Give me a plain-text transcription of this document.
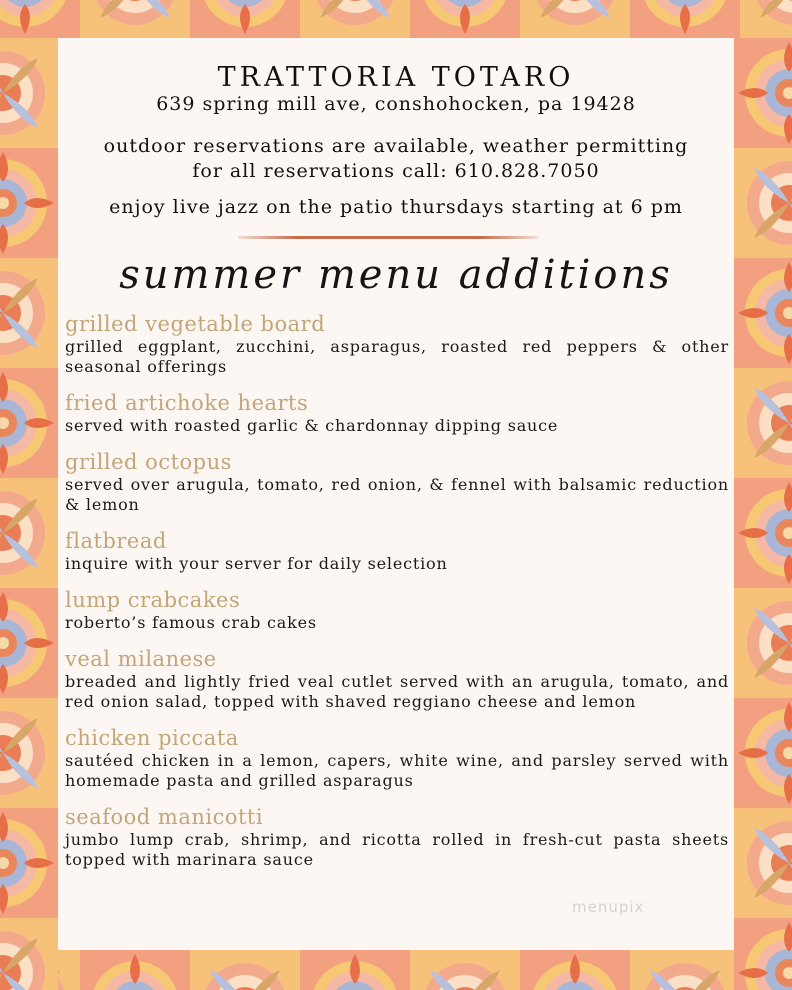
TRATTORIA TOTARO
639 spring mill ave, conshohocken, pa 19428
outdoor reservations are available, weather permitting
for all reservations call: 610.828.7050
enjoy live jazz on the patio thursdays starting at 6 pm
summer menu additions
grilled vegetable board
grilled eggplant, zucchini, asparagus, roasted red peppers & other seasonal offerings
fried artichoke hearts
served with roasted garlic & chardonnay dipping sauce
grilled octopus
served over arugula, tomato, red onion, & fennel with balsamic reduction & lemon
flatbread
inquire with your server for daily selection
lump crabcakes
roberto’s famous crab cakes
veal milanese
breaded and lightly fried veal cutlet served with an arugula, tomato, and red onion salad, topped with shaved reggiano cheese and lemon
chicken piccata
sautéed chicken in a lemon, capers, white wine, and parsley served with homemade pasta and grilled asparagus
seafood manicotti
jumbo lump crab, shrimp, and ricotta rolled in fresh-cut pasta sheets topped with marinara sauce
menupix
